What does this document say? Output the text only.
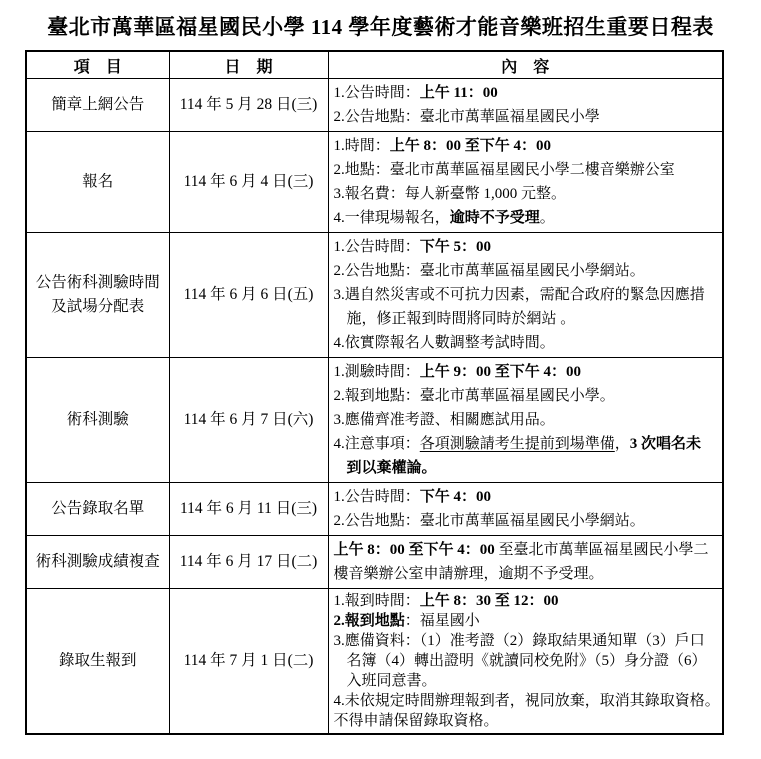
臺北市萬華區福星國民小學 114 學年度藝術才能音樂班招生重要日程表
項　目	日　期	內　容
簡章上網公告	114 年 5 月 28 日(三)	1.公告時間：上午 11：00
2.公告地點：臺北市萬華區福星國民小學

報名	114 年 6 月 4 日(三)	1.時間：上午 8：00 至下午 4：00
2.地點：臺北市萬華區福星國民小學二樓音樂辦公室
3.報名費：每人新臺幣 1,000 元整。
4.一律現場報名，逾時不予受理。

公告術科測驗時間
及試場分配表	114 年 6 月 6 日(五)	
1.公告時間：下午 5：00
2.公告地點：臺北市萬華區福星國民小學網站。
3.遇自然災害或不可抗力因素，需配合政府的緊急因應措
施，修正報到時間將同時於網站 。
4.依實際報名人數調整考試時間。

術科測驗	114 年 6 月 7 日(六)	1.測驗時間：上午 9：00 至下午 4：00
2.報到地點：臺北市萬華區福星國民小學。
3.應備齊准考證、相關應試用品。
4.注意事項：各項測驗請考生提前到場準備，3 次唱名未
到以棄權論。

公告錄取名單	114 年 6 月 11 日(三)	1.公告時間：下午 4：00
2.公告地點：臺北市萬華區福星國民小學網站。

術科測驗成績複查	114 年 6 月 17 日(二)	上午 8：00 至下午 4：00 至臺北市萬華區福星國民小學二
樓音樂辦公室申請辦理，逾期不予受理。

錄取生報到	114 年 7 月 1 日(二)	
1.報到時間：上午 8：30 至 12：00
2.報到地點：福星國小
3.應備資料：（1）准考證（2）錄取結果通知單（3）戶口
名簿（4）轉出證明《就讀同校免附》（5）身分證（6）
入班同意書。
4.未依規定時間辦理報到者，視同放棄，取消其錄取資格。
不得申請保留錄取資格。
